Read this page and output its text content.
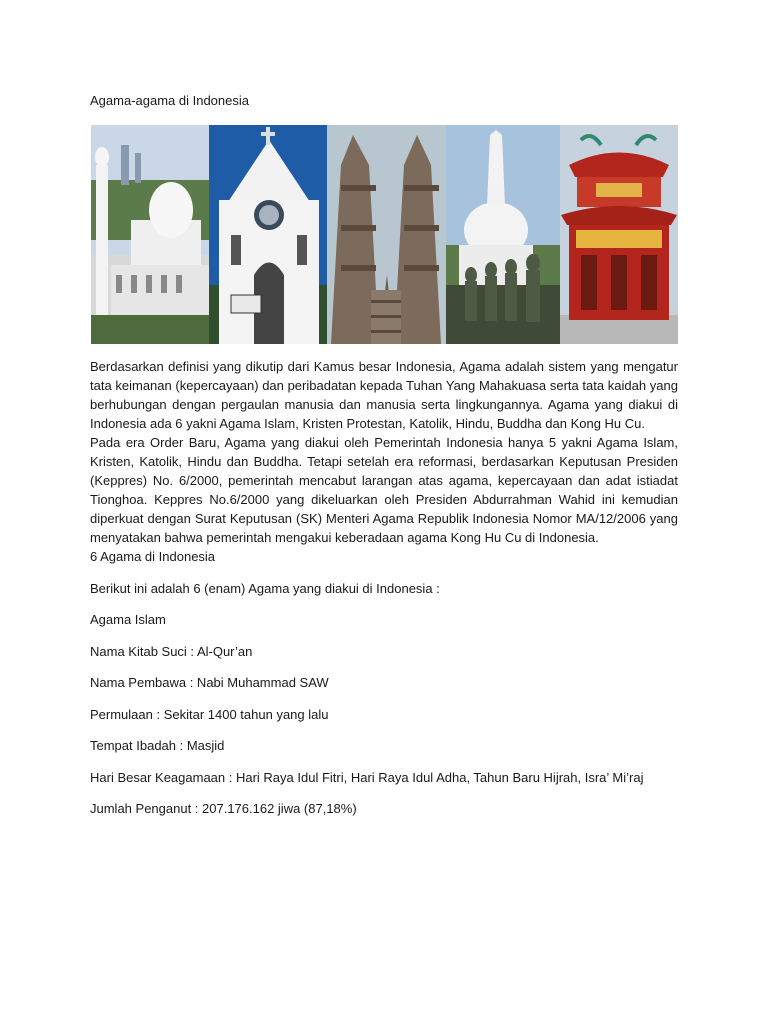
Agama-agama di Indonesia

Berdasarkan definisi yang dikutip dari Kamus besar Indonesia, Agama adalah sistem yang mengatur tata keimanan (kepercayaan) dan peribadatan kepada Tuhan Yang Mahakuasa serta tata kaidah yang berhubungan dengan pergaulan manusia dan manusia serta lingkungannya. Agama yang diakui di Indonesia ada 6 yakni Agama Islam, Kristen Protestan, Katolik, Hindu, Buddha dan Kong Hu Cu.

Pada era Order Baru, Agama yang diakui oleh Pemerintah Indonesia hanya 5 yakni Agama Islam, Kristen, Katolik, Hindu dan Buddha. Tetapi setelah era reformasi, berdasarkan Keputusan Presiden (Keppres) No. 6/2000, pemerintah mencabut larangan atas agama, kepercayaan dan adat istiadat Tionghoa. Keppres No.6/2000 yang dikeluarkan oleh Presiden Abdurrahman Wahid ini kemudian diperkuat dengan Surat Keputusan (SK) Menteri Agama Republik Indonesia Nomor MA/12/2006 yang menyatakan bahwa pemerintah mengakui keberadaan agama Kong Hu Cu di Indonesia.

6 Agama di Indonesia

Berikut ini adalah 6 (enam) Agama yang diakui di Indonesia :

Agama Islam

Nama Kitab Suci : Al-Qur’an

Nama Pembawa : Nabi Muhammad SAW

Permulaan : Sekitar 1400 tahun yang lalu

Tempat Ibadah : Masjid

Hari Besar Keagamaan : Hari Raya Idul Fitri, Hari Raya Idul Adha, Tahun Baru Hijrah, Isra’ Mi’raj

Jumlah Penganut : 207.176.162 jiwa (87,18%)
